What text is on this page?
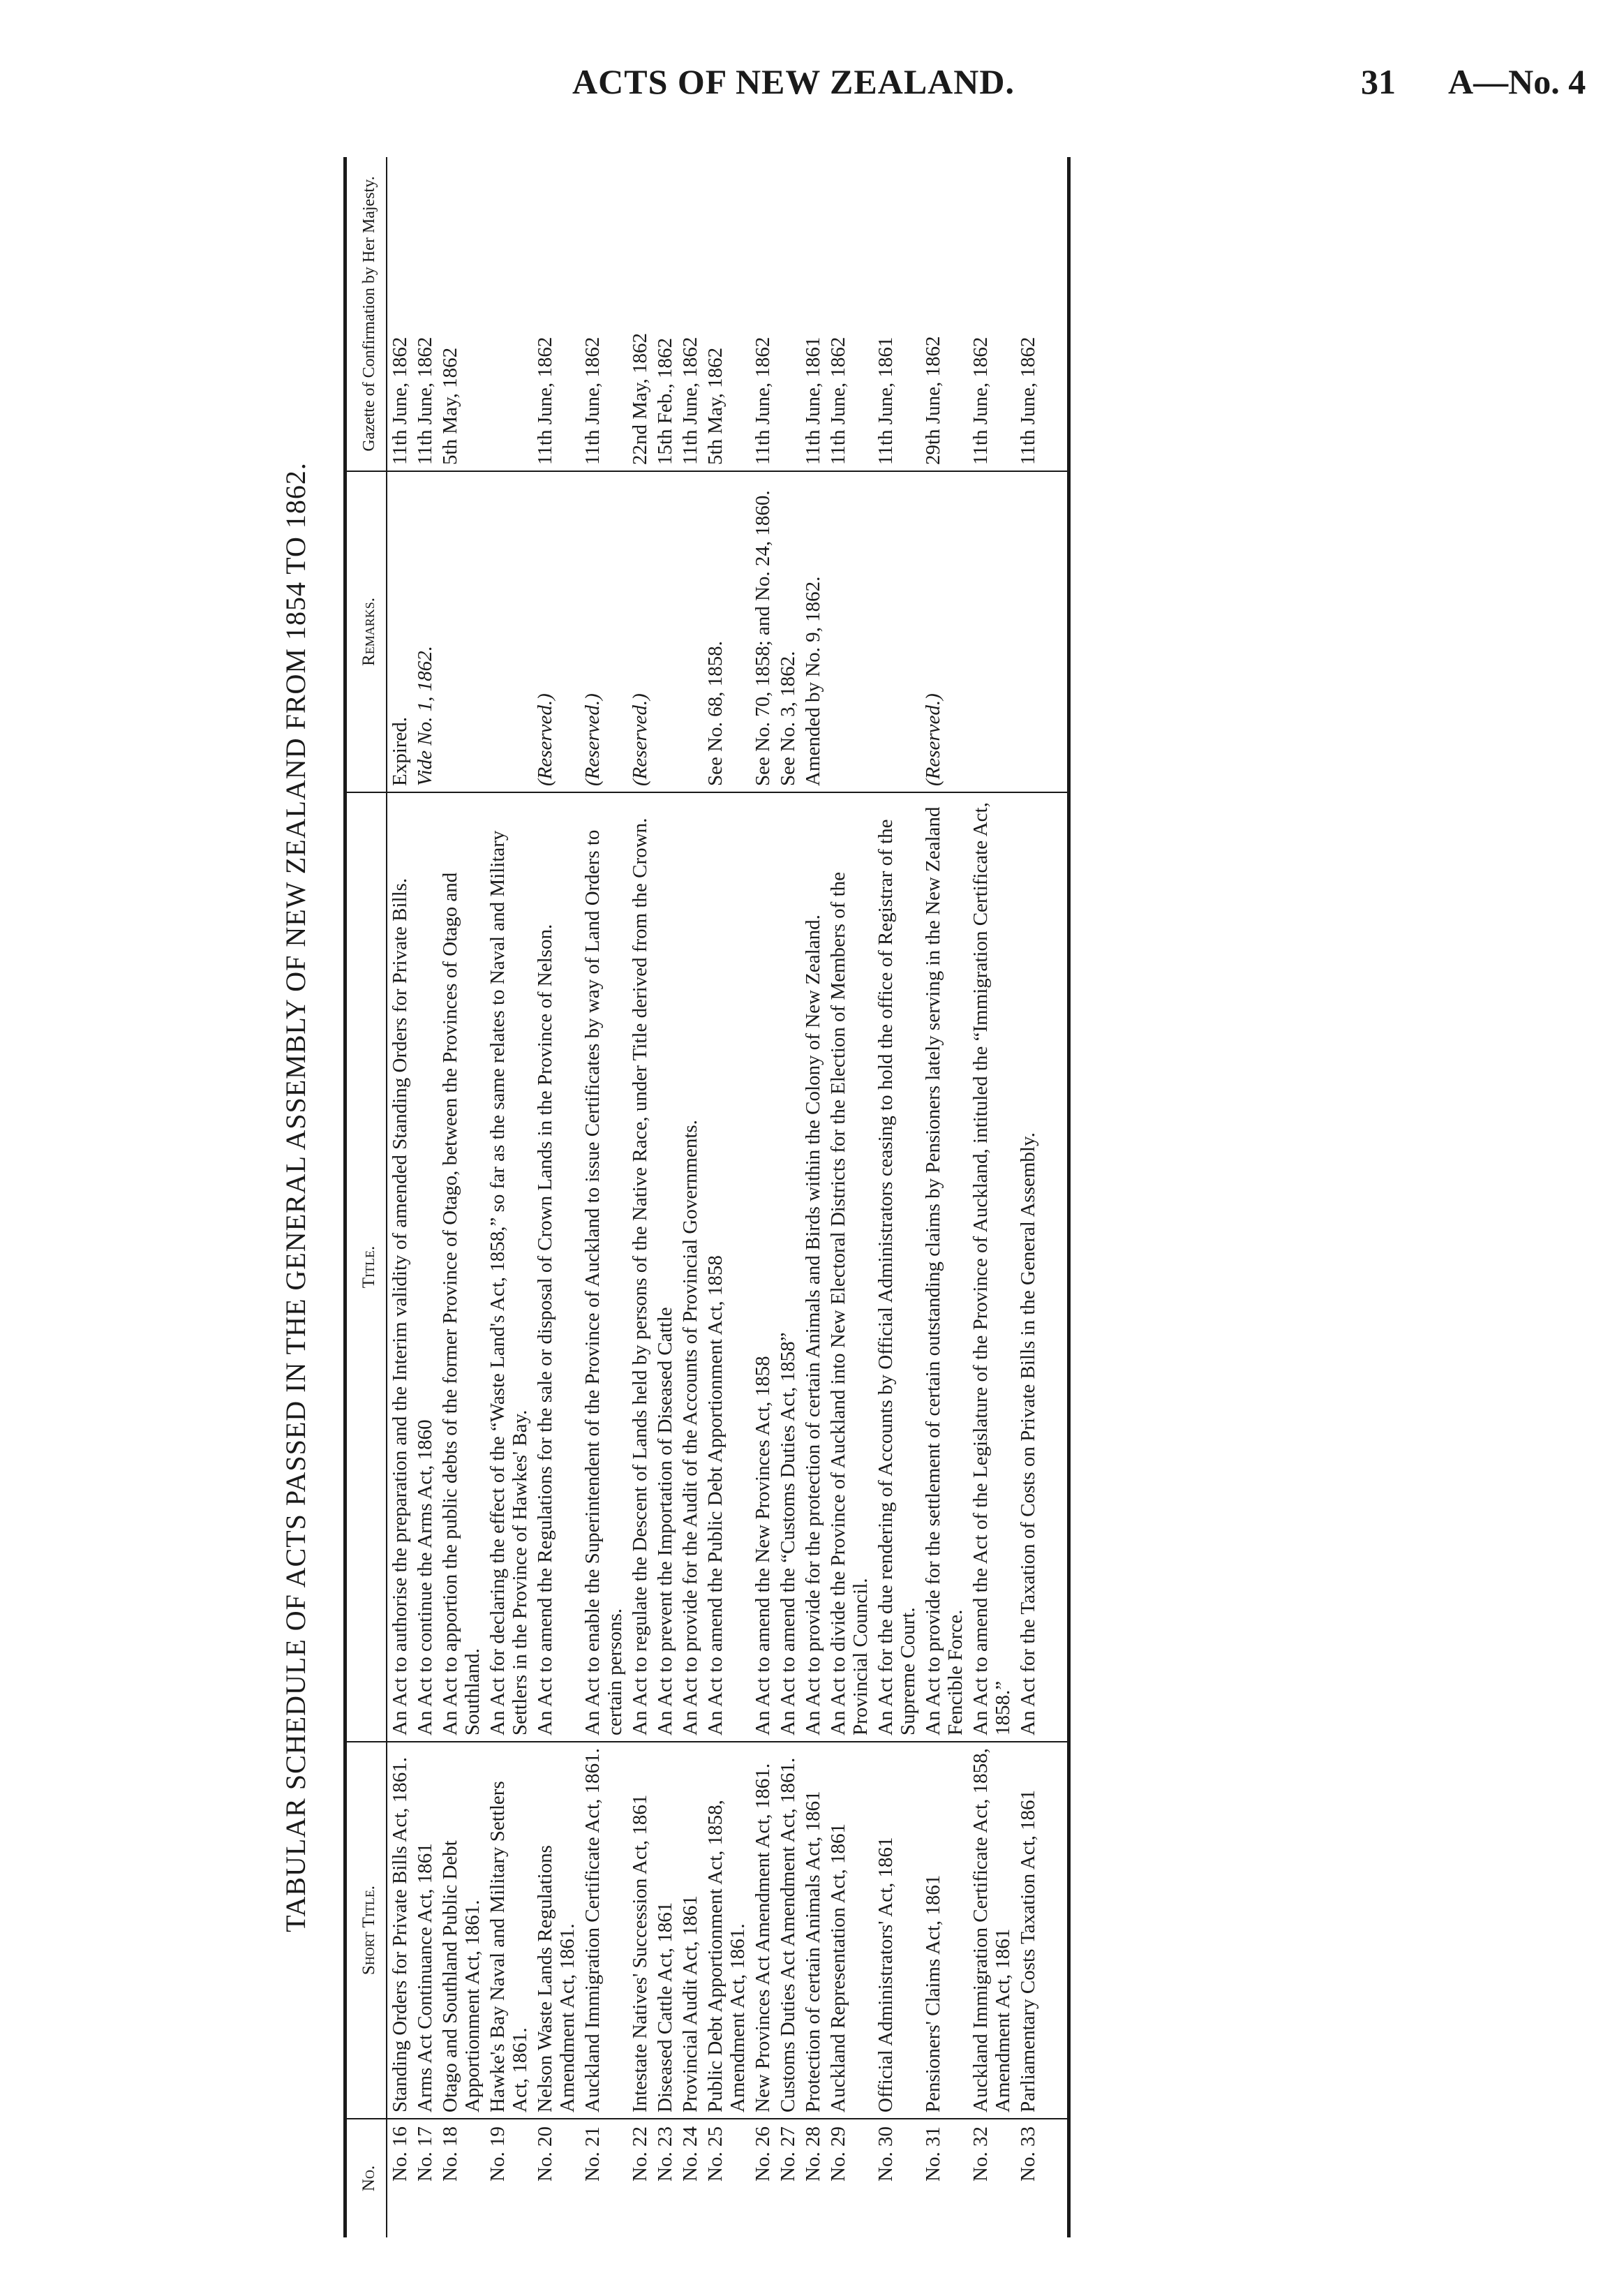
ACTS OF NEW ZEALAND.	31 A—No. 4
TABULAR SCHEDULE OF ACTS PASSED IN THE GENERAL ASSEMBLY OF NEW ZEALAND FROM 1854 TO 1862.
No.	Short Title.	Title.	Remarks.	Gazette of Confirmation by Her Majesty.
No. 16	Standing Orders for Private Bills Act, 1861.	An Act to authorise the preparation and the Interim validity of amended Standing Orders for Private Bills.	Expired.	11th June, 1862
No. 17	Arms Act Continuance Act, 1861	An Act to continue the Arms Act, 1860	Vide No. 1, 1862.	11th June, 1862
No. 18	Otago and Southland Public Debt Apportionment Act, 1861.	An Act to apportion the public debts of the former Province of Otago, between the Provinces of Otago and Southland.		5th May, 1862
No. 19	Hawke's Bay Naval and Military Settlers Act, 1861.	An Act for declaring the effect of the “Waste Land's Act, 1858,” so far as the same relates to Naval and Military Settlers in the Province of Hawkes' Bay.		
No. 20	Nelson Waste Lands Regulations Amendment Act, 1861.	An Act to amend the Regulations for the sale or disposal of Crown Lands in the Province of Nelson.	(Reserved.)	11th June, 1862
No. 21	Auckland Immigration Certificate Act, 1861.	An Act to enable the Superintendent of the Province of Auckland to issue Certificates by way of Land Orders to certain persons.	(Reserved.)	11th June, 1862
No. 22	Intestate Natives' Succession Act, 1861	An Act to regulate the Descent of Lands held by persons of the Native Race, under Title derived from the Crown.	(Reserved.)	22nd May, 1862
No. 23	Diseased Cattle Act, 1861	An Act to prevent the Importation of Diseased Cattle		15th Feb., 1862
No. 24	Provincial Audit Act, 1861	An Act to provide for the Audit of the Accounts of Provincial Governments.		11th June, 1862
No. 25	Public Debt Apportionment Act, 1858, Amendment Act, 1861.	An Act to amend the Public Debt Apportionment Act, 1858	See No. 68, 1858.	5th May, 1862
No. 26	New Provinces Act Amendment Act, 1861.	An Act to amend the New Provinces Act, 1858	See No. 70, 1858; and No. 24, 1860.	11th June, 1862
No. 27	Customs Duties Act Amendment Act, 1861.	An Act to amend the “Customs Duties Act, 1858”	See No. 3, 1862.	
No. 28	Protection of certain Animals Act, 1861	An Act to provide for the protection of certain Animals and Birds within the Colony of New Zealand.	Amended by No. 9, 1862.	11th June, 1861
No. 29	Auckland Representation Act, 1861	An Act to divide the Province of Auckland into New Electoral Districts for the Election of Members of the Provincial Council.		11th June, 1862
No. 30	Official Administrators' Act, 1861	An Act for the due rendering of Accounts by Official Administrators ceasing to hold the office of Registrar of the Supreme Court.		11th June, 1861
No. 31	Pensioners' Claims Act, 1861	An Act to provide for the settlement of certain outstanding claims by Pensioners lately serving in the New Zealand Fencible Force.	(Reserved.)	29th June, 1862
No. 32	Auckland Immigration Certificate Act, 1858, Amendment Act, 1861	An Act to amend the Act of the Legislature of the Province of Auckland, intituled the “Immigration Certificate Act, 1858.”		11th June, 1862
No. 33	Parliamentary Costs Taxation Act, 1861	An Act for the Taxation of Costs on Private Bills in the General Assembly.		11th June, 1862
